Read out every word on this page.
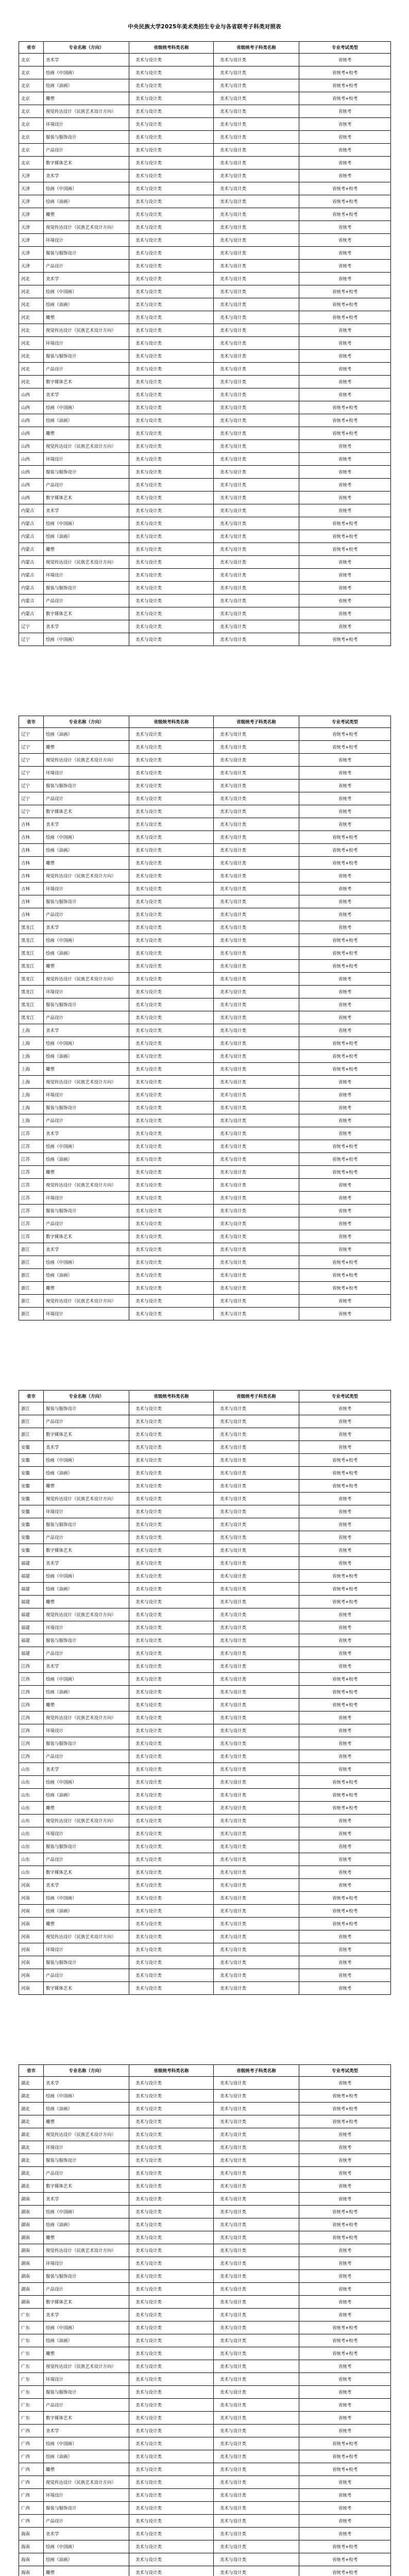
中央民族大学2025年美术类招生专业与各省联考子科类对照表
省市	专业名称（方向）	省级统考科类名称	省级统考子科类名称	专业考试类型
北京	美术学	美术与设计类	美术与设计类	省统考
北京	绘画（中国画）	美术与设计类	美术与设计类	省统考+校考
北京	绘画（油画）	美术与设计类	美术与设计类	省统考+校考
北京	雕塑	美术与设计类	美术与设计类	省统考+校考
北京	视觉传达设计（民族艺术设计方向）	美术与设计类	美术与设计类	省统考
北京	环境设计	美术与设计类	美术与设计类	省统考
北京	服装与服饰设计	美术与设计类	美术与设计类	省统考
北京	产品设计	美术与设计类	美术与设计类	省统考
北京	数字媒体艺术	美术与设计类	美术与设计类	省统考
天津	美术学	美术与设计类	美术与设计类	省统考
天津	绘画（中国画）	美术与设计类	美术与设计类	省统考+校考
天津	绘画（油画）	美术与设计类	美术与设计类	省统考+校考
天津	雕塑	美术与设计类	美术与设计类	省统考+校考
天津	视觉传达设计（民族艺术设计方向）	美术与设计类	美术与设计类	省统考
天津	环境设计	美术与设计类	美术与设计类	省统考
天津	服装与服饰设计	美术与设计类	美术与设计类	省统考
天津	产品设计	美术与设计类	美术与设计类	省统考
河北	美术学	美术与设计类	美术与设计类	省统考
河北	绘画（中国画）	美术与设计类	美术与设计类	省统考+校考
河北	绘画（油画）	美术与设计类	美术与设计类	省统考+校考
河北	雕塑	美术与设计类	美术与设计类	省统考+校考
河北	视觉传达设计（民族艺术设计方向）	美术与设计类	美术与设计类	省统考
河北	环境设计	美术与设计类	美术与设计类	省统考
河北	服装与服饰设计	美术与设计类	美术与设计类	省统考
河北	产品设计	美术与设计类	美术与设计类	省统考
河北	数字媒体艺术	美术与设计类	美术与设计类	省统考
山西	美术学	美术与设计类	美术与设计类	省统考
山西	绘画（中国画）	美术与设计类	美术与设计类	省统考+校考
山西	绘画（油画）	美术与设计类	美术与设计类	省统考+校考
山西	雕塑	美术与设计类	美术与设计类	省统考+校考
山西	视觉传达设计（民族艺术设计方向）	美术与设计类	美术与设计类	省统考
山西	环境设计	美术与设计类	美术与设计类	省统考
山西	服装与服饰设计	美术与设计类	美术与设计类	省统考
山西	产品设计	美术与设计类	美术与设计类	省统考
山西	数字媒体艺术	美术与设计类	美术与设计类	省统考
内蒙古	美术学	美术与设计类	美术与设计类	省统考
内蒙古	绘画（中国画）	美术与设计类	美术与设计类	省统考+校考
内蒙古	绘画（油画）	美术与设计类	美术与设计类	省统考+校考
内蒙古	雕塑	美术与设计类	美术与设计类	省统考+校考
内蒙古	视觉传达设计（民族艺术设计方向）	美术与设计类	美术与设计类	省统考
内蒙古	环境设计	美术与设计类	美术与设计类	省统考
内蒙古	服装与服饰设计	美术与设计类	美术与设计类	省统考
内蒙古	产品设计	美术与设计类	美术与设计类	省统考
内蒙古	数字媒体艺术	美术与设计类	美术与设计类	省统考
辽宁	美术学	美术与设计类	美术与设计类	省统考
辽宁	绘画（中国画）	美术与设计类	美术与设计类	省统考+校考
省市	专业名称（方向）	省级统考科类名称	省级统考子科类名称	专业考试类型
辽宁	绘画（油画）	美术与设计类	美术与设计类	省统考+校考
辽宁	雕塑	美术与设计类	美术与设计类	省统考+校考
辽宁	视觉传达设计（民族艺术设计方向）	美术与设计类	美术与设计类	省统考
辽宁	环境设计	美术与设计类	美术与设计类	省统考
辽宁	服装与服饰设计	美术与设计类	美术与设计类	省统考
辽宁	产品设计	美术与设计类	美术与设计类	省统考
辽宁	数字媒体艺术	美术与设计类	美术与设计类	省统考
吉林	美术学	美术与设计类	美术与设计类	省统考
吉林	绘画（中国画）	美术与设计类	美术与设计类	省统考+校考
吉林	绘画（油画）	美术与设计类	美术与设计类	省统考+校考
吉林	雕塑	美术与设计类	美术与设计类	省统考+校考
吉林	视觉传达设计（民族艺术设计方向）	美术与设计类	美术与设计类	省统考
吉林	环境设计	美术与设计类	美术与设计类	省统考
吉林	服装与服饰设计	美术与设计类	美术与设计类	省统考
吉林	产品设计	美术与设计类	美术与设计类	省统考
黑龙江	美术学	美术与设计类	美术与设计类	省统考
黑龙江	绘画（中国画）	美术与设计类	美术与设计类	省统考+校考
黑龙江	绘画（油画）	美术与设计类	美术与设计类	省统考+校考
黑龙江	雕塑	美术与设计类	美术与设计类	省统考+校考
黑龙江	视觉传达设计（民族艺术设计方向）	美术与设计类	美术与设计类	省统考
黑龙江	环境设计	美术与设计类	美术与设计类	省统考
黑龙江	服装与服饰设计	美术与设计类	美术与设计类	省统考
黑龙江	产品设计	美术与设计类	美术与设计类	省统考
上海	美术学	美术与设计类	美术与设计类	省统考
上海	绘画（中国画）	美术与设计类	美术与设计类	省统考+校考
上海	绘画（油画）	美术与设计类	美术与设计类	省统考+校考
上海	雕塑	美术与设计类	美术与设计类	省统考+校考
上海	视觉传达设计（民族艺术设计方向）	美术与设计类	美术与设计类	省统考
上海	环境设计	美术与设计类	美术与设计类	省统考
上海	服装与服饰设计	美术与设计类	美术与设计类	省统考
上海	产品设计	美术与设计类	美术与设计类	省统考
江苏	美术学	美术与设计类	美术与设计类	省统考
江苏	绘画（中国画）	美术与设计类	美术与设计类	省统考+校考
江苏	绘画（油画）	美术与设计类	美术与设计类	省统考+校考
江苏	雕塑	美术与设计类	美术与设计类	省统考+校考
江苏	视觉传达设计（民族艺术设计方向）	美术与设计类	美术与设计类	省统考
江苏	环境设计	美术与设计类	美术与设计类	省统考
江苏	服装与服饰设计	美术与设计类	美术与设计类	省统考
江苏	产品设计	美术与设计类	美术与设计类	省统考
江苏	数字媒体艺术	美术与设计类	美术与设计类	省统考
浙江	美术学	美术与设计类	美术与设计类	省统考
浙江	绘画（中国画）	美术与设计类	美术与设计类	省统考+校考
浙江	绘画（油画）	美术与设计类	美术与设计类	省统考+校考
浙江	雕塑	美术与设计类	美术与设计类	省统考+校考
浙江	视觉传达设计（民族艺术设计方向）	美术与设计类	美术与设计类	省统考
浙江	环境设计	美术与设计类	美术与设计类	省统考
省市	专业名称（方向）	省级统考科类名称	省级统考子科类名称	专业考试类型
浙江	服装与服饰设计	美术与设计类	美术与设计类	省统考
浙江	产品设计	美术与设计类	美术与设计类	省统考
浙江	数字媒体艺术	美术与设计类	美术与设计类	省统考
安徽	美术学	美术与设计类	美术与设计类	省统考
安徽	绘画（中国画）	美术与设计类	美术与设计类	省统考+校考
安徽	绘画（油画）	美术与设计类	美术与设计类	省统考+校考
安徽	雕塑	美术与设计类	美术与设计类	省统考+校考
安徽	视觉传达设计（民族艺术设计方向）	美术与设计类	美术与设计类	省统考
安徽	环境设计	美术与设计类	美术与设计类	省统考
安徽	服装与服饰设计	美术与设计类	美术与设计类	省统考
安徽	产品设计	美术与设计类	美术与设计类	省统考
安徽	数字媒体艺术	美术与设计类	美术与设计类	省统考
福建	美术学	美术与设计类	美术与设计类	省统考
福建	绘画（中国画）	美术与设计类	美术与设计类	省统考+校考
福建	绘画（油画）	美术与设计类	美术与设计类	省统考+校考
福建	雕塑	美术与设计类	美术与设计类	省统考+校考
福建	视觉传达设计（民族艺术设计方向）	美术与设计类	美术与设计类	省统考
福建	环境设计	美术与设计类	美术与设计类	省统考
福建	服装与服饰设计	美术与设计类	美术与设计类	省统考
福建	产品设计	美术与设计类	美术与设计类	省统考
江西	美术学	美术与设计类	美术与设计类	省统考
江西	绘画（中国画）	美术与设计类	美术与设计类	省统考+校考
江西	绘画（油画）	美术与设计类	美术与设计类	省统考+校考
江西	雕塑	美术与设计类	美术与设计类	省统考+校考
江西	视觉传达设计（民族艺术设计方向）	美术与设计类	美术与设计类	省统考
江西	环境设计	美术与设计类	美术与设计类	省统考
江西	服装与服饰设计	美术与设计类	美术与设计类	省统考
江西	产品设计	美术与设计类	美术与设计类	省统考
山东	美术学	美术与设计类	美术与设计类	省统考
山东	绘画（中国画）	美术与设计类	美术与设计类	省统考+校考
山东	绘画（油画）	美术与设计类	美术与设计类	省统考+校考
山东	雕塑	美术与设计类	美术与设计类	省统考+校考
山东	视觉传达设计（民族艺术设计方向）	美术与设计类	美术与设计类	省统考
山东	环境设计	美术与设计类	美术与设计类	省统考
山东	服装与服饰设计	美术与设计类	美术与设计类	省统考
山东	产品设计	美术与设计类	美术与设计类	省统考
山东	数字媒体艺术	美术与设计类	美术与设计类	省统考
河南	美术学	美术与设计类	美术与设计类	省统考
河南	绘画（中国画）	美术与设计类	美术与设计类	省统考+校考
河南	绘画（油画）	美术与设计类	美术与设计类	省统考+校考
河南	雕塑	美术与设计类	美术与设计类	省统考+校考
河南	视觉传达设计（民族艺术设计方向）	美术与设计类	美术与设计类	省统考
河南	环境设计	美术与设计类	美术与设计类	省统考
河南	服装与服饰设计	美术与设计类	美术与设计类	省统考
河南	产品设计	美术与设计类	美术与设计类	省统考
河南	数字媒体艺术	美术与设计类	美术与设计类	省统考
省市	专业名称（方向）	省级统考科类名称	省级统考子科类名称	专业考试类型
湖北	美术学	美术与设计类	美术与设计类	省统考
湖北	绘画（中国画）	美术与设计类	美术与设计类	省统考+校考
湖北	绘画（油画）	美术与设计类	美术与设计类	省统考+校考
湖北	雕塑	美术与设计类	美术与设计类	省统考+校考
湖北	视觉传达设计（民族艺术设计方向）	美术与设计类	美术与设计类	省统考
湖北	环境设计	美术与设计类	美术与设计类	省统考
湖北	服装与服饰设计	美术与设计类	美术与设计类	省统考
湖北	产品设计	美术与设计类	美术与设计类	省统考
湖北	数字媒体艺术	美术与设计类	美术与设计类	省统考
湖南	美术学	美术与设计类	美术与设计类	省统考
湖南	绘画（中国画）	美术与设计类	美术与设计类	省统考+校考
湖南	绘画（油画）	美术与设计类	美术与设计类	省统考+校考
湖南	雕塑	美术与设计类	美术与设计类	省统考+校考
湖南	视觉传达设计（民族艺术设计方向）	美术与设计类	美术与设计类	省统考
湖南	环境设计	美术与设计类	美术与设计类	省统考
湖南	服装与服饰设计	美术与设计类	美术与设计类	省统考
湖南	产品设计	美术与设计类	美术与设计类	省统考
湖南	数字媒体艺术	美术与设计类	美术与设计类	省统考
广东	美术学	美术与设计类	美术与设计类	省统考
广东	绘画（中国画）	美术与设计类	美术与设计类	省统考+校考
广东	绘画（油画）	美术与设计类	美术与设计类	省统考+校考
广东	雕塑	美术与设计类	美术与设计类	省统考+校考
广东	视觉传达设计（民族艺术设计方向）	美术与设计类	美术与设计类	省统考
广东	环境设计	美术与设计类	美术与设计类	省统考
广东	服装与服饰设计	美术与设计类	美术与设计类	省统考
广东	产品设计	美术与设计类	美术与设计类	省统考
广东	数字媒体艺术	美术与设计类	美术与设计类	省统考
广西	美术学	美术与设计类	美术与设计类	省统考
广西	绘画（中国画）	美术与设计类	美术与设计类	省统考+校考
广西	绘画（油画）	美术与设计类	美术与设计类	省统考+校考
广西	雕塑	美术与设计类	美术与设计类	省统考+校考
广西	视觉传达设计（民族艺术设计方向）	美术与设计类	美术与设计类	省统考
广西	环境设计	美术与设计类	美术与设计类	省统考
广西	服装与服饰设计	美术与设计类	美术与设计类	省统考
广西	产品设计	美术与设计类	美术与设计类	省统考
海南	美术学	美术与设计类	美术与设计类	省统考
海南	绘画（中国画）	美术与设计类	美术与设计类	省统考+校考
海南	绘画（油画）	美术与设计类	美术与设计类	省统考+校考
海南	雕塑	美术与设计类	美术与设计类	省统考+校考
